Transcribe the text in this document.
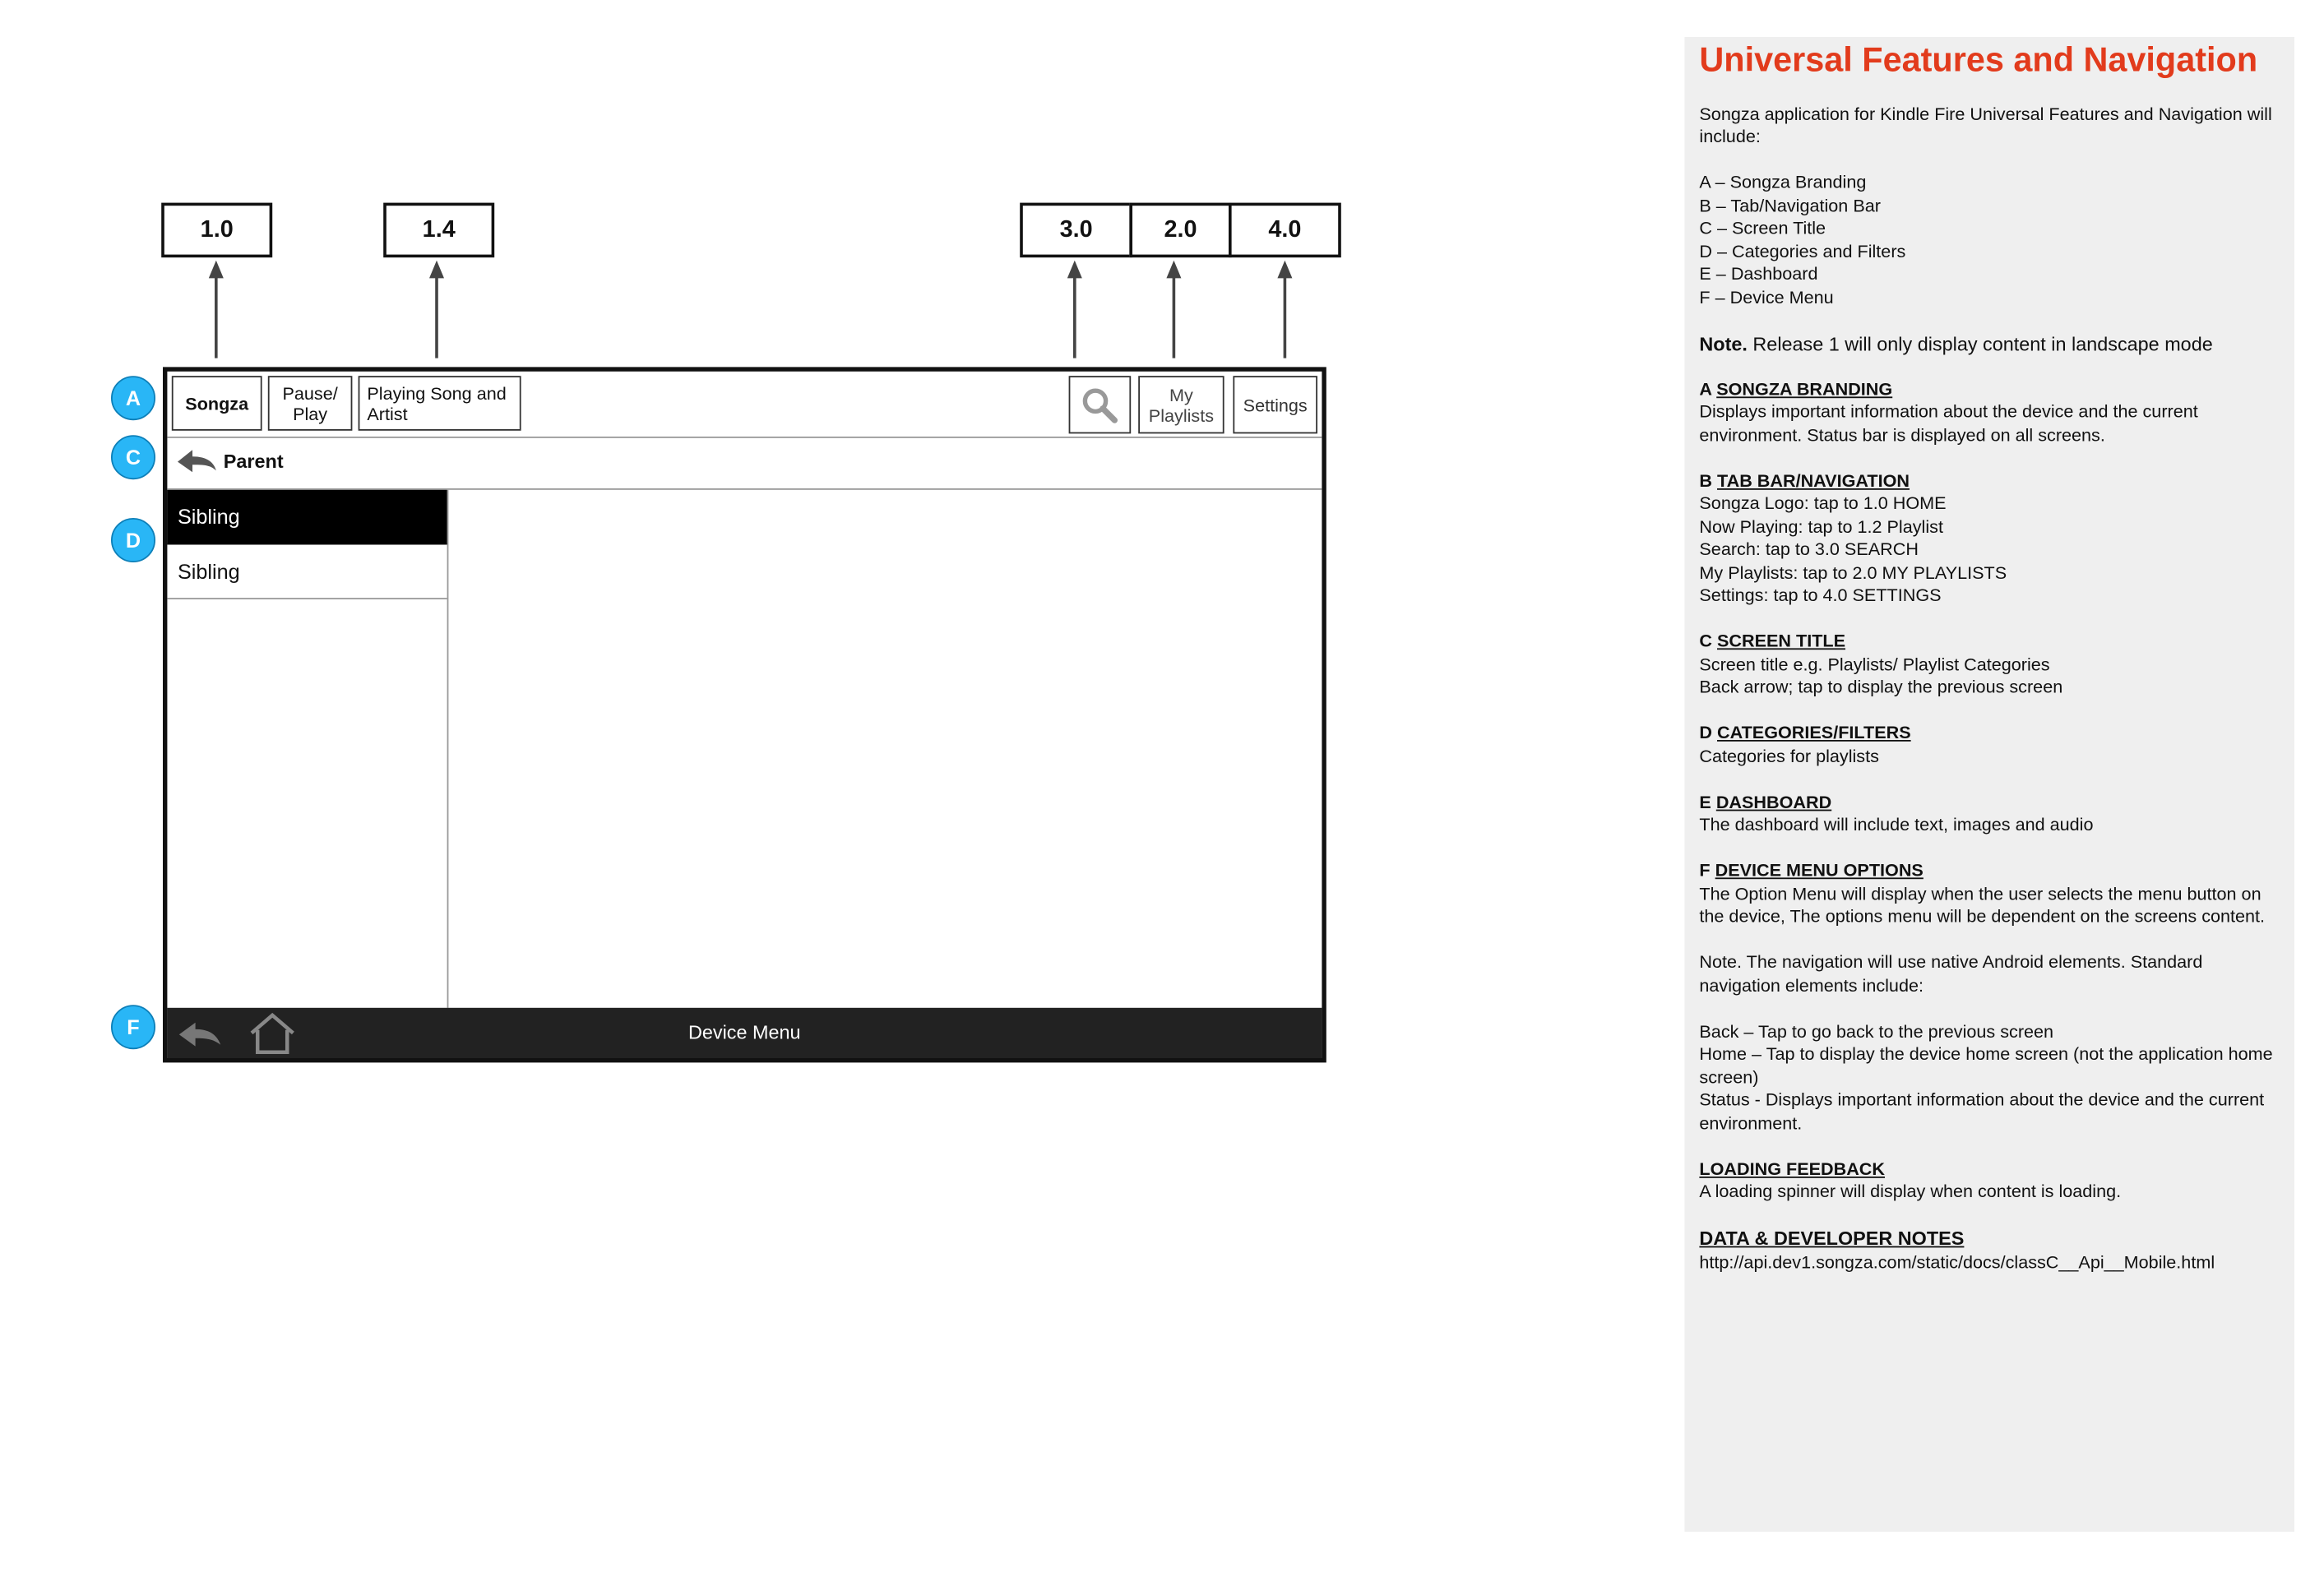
1.0	1.4	3.0	2.0	4.0
A
C
D
F
Songza	Pause/ Play
Playing Song and Artist
My Playlists	Settings
Parent
Sibling
Sibling
Device Menu
Universal Features and Navigation

Songza application for Kindle Fire Universal Features and Navigation will include:

A – Songza Branding
B – Tab/Navigation Bar
C – Screen Title
D – Categories and Filters
E – Dashboard
F – Device Menu

Note. Release 1 will only display content in landscape mode

A SONGZA BRANDING
Displays important information about the device and the current environment. Status bar is displayed on all screens.

B TAB BAR/NAVIGATION
Songza Logo: tap to 1.0 HOME
Now Playing: tap to 1.2 Playlist
Search: tap to 3.0 SEARCH
My Playlists: tap to 2.0 MY PLAYLISTS
Settings: tap to 4.0 SETTINGS

C SCREEN TITLE
Screen title e.g. Playlists/ Playlist Categories
Back arrow; tap to display the previous screen

D CATEGORIES/FILTERS
Categories for playlists

E DASHBOARD
The dashboard will include text, images and audio

F DEVICE MENU OPTIONS
The Option Menu will display when the user selects the menu button on the device, The options menu will be dependent on the screens content.

Note. The navigation will use native Android elements. Standard navigation elements include:

Back – Tap to go back to the previous screen
Home – Tap to display the device home screen (not the application home screen)
Status - Displays important information about the device and the current environment.

LOADING FEEDBACK
A loading spinner will display when content is loading.

DATA & DEVELOPER NOTES
http://api.dev1.songza.com/static/docs/classC__Api__Mobile.html
